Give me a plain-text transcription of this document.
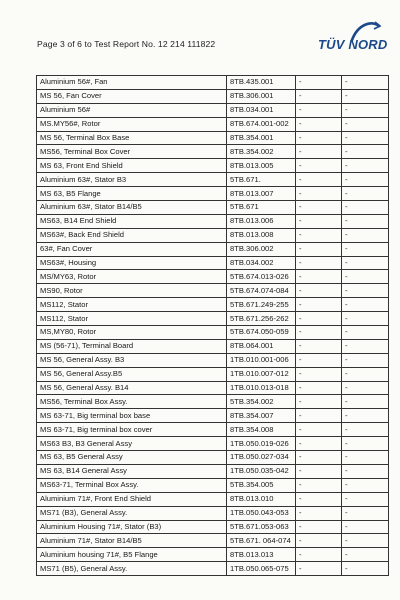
Page 3 of 6 to Test Report No. 12 214 111822	TÜV NORD
Aluminium 56#, Fan	8TB.435.001	-	-
MS 56, Fan Cover	8TB.306.001	-	-
Aluminium 56#	8TB.034.001	-	-
MS.MY56#, Rotor	8TB.674.001-002	-	-
MS 56, Terminal Box Base	8TB.354.001	-	-
MS56, Terminal Box Cover	8TB.354.002	-	-
MS 63, Front End Shield	8TB.013.005	-	-
Aluminium 63#, Stator B3	5TB.671.	-	-
MS 63, B5 Flange	8TB.013.007	-	-
Aluminium 63#, Stator B14/B5	5TB.671	-	-
MS63, B14 End Shield	8TB.013.006	-	-
MS63#, Back End Shield	8TB.013.008	-	-
63#, Fan Cover	8TB.306.002	-	-
MS63#, Housing	8TB.034.002	-	-
MS/MY63, Rotor	5TB.674.013-026	-	-
MS90, Rotor	5TB.674.074-084	-	-
MS112, Stator	5TB.671.249-255	-	-
MS112, Stator	5TB.671.256-262	-	-
MS,MY80, Rotor	5TB.674.050-059	-	-
MS (56-71), Terminal Board	8TB.064.001	-	-
MS 56, General Assy. B3	1TB.010.001-006	-	-
MS 56, General Assy.B5	1TB.010.007-012	-	-
MS 56, General Assy. B14	1TB.010.013-018	-	-
MS56, Terminal Box Assy.	5TB.354.002	-	-
MS 63-71, Big terminal box base	8TB.354.007	-	-
MS 63-71, Big terminal box cover	8TB.354.008	-	-
MS63 B3, B3 General Assy	1TB.050.019-026	-	-
MS 63, B5 General Assy	1TB.050.027-034	-	-
MS 63, B14 General Assy	1TB.050.035-042	-	-
MS63-71, Terminal Box Assy.	5TB.354.005	-	-
Aluminium 71#, Front End Shield	8TB.013.010	-	-
MS71 (B3), General Assy.	1TB.050.043-053	-	-
Aluminium Housing 71#, Stator (B3)	5TB.671.053-063	-	-
Aluminium 71#, Stator B14/B5	5TB.671. 064-074	-	-
Aluminium housing 71#, B5 Flange	8TB.013.013	-	-
MS71 (B5), General Assy.	1TB.050.065-075	-	-
